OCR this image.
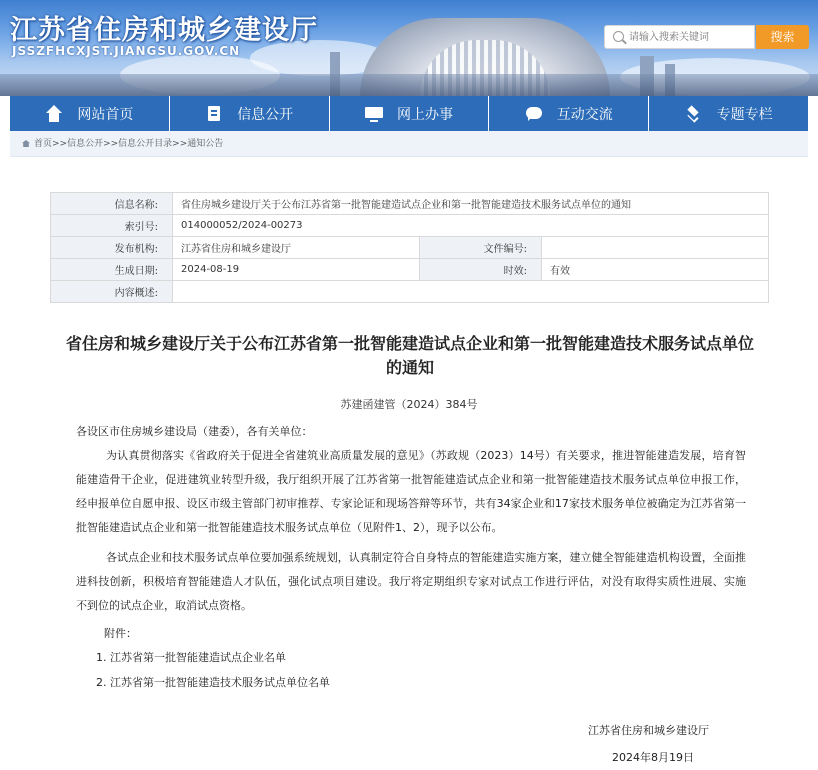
江苏省住房和城乡建设厅
JSSZFHCXJST.JIANGSU.GOV.CN
请输入搜索关键词
搜索
网站首页	信息公开	网上办事	互动交流	专题专栏
首页>>信息公开>>信息公开目录>>通知公告
信息名称:	省住房城乡建设厅关于公布江苏省第一批智能建造试点企业和第一批智能建造技术服务试点单位的通知		
索引号:	014000052/2024-00273		
发布机构:	江苏省住房和城乡建设厅	文件编号:	
生成日期:	2024-08-19	时效:	有效
内容概述:			
省住房和城乡建设厅关于公布江苏省第一批智能建造试点企业和第一批智能建造技术服务试点单位的通知
苏建函建管（2024）384号

各设区市住房城乡建设局（建委），各有关单位：

为认真贯彻落实《省政府关于促进全省建筑业高质量发展的意见》（苏政规（2023）14号）有关要求，推进智能建造发展，培育智能建造骨干企业，促进建筑业转型升级，我厅组织开展了江苏省第一批智能建造试点企业和第一批智能建造技术服务试点单位申报工作，经申报单位自愿申报、设区市级主管部门初审推荐、专家论证和现场答辩等环节，共有34家企业和17家技术服务单位被确定为江苏省第一批智能建造试点企业和第一批智能建造技术服务试点单位（见附件1、2），现予以公布。

各试点企业和技术服务试点单位要加强系统规划，认真制定符合自身特点的智能建造实施方案，建立健全智能建造机构设置，全面推进科技创新，积极培育智能建造人才队伍，强化试点项目建设。我厅将定期组织专家对试点工作进行评估，对没有取得实质性进展、实施不到位的试点企业，取消试点资格。

附件：

1. 江苏省第一批智能建造试点企业名单

2. 江苏省第一批智能建造技术服务试点单位名单

江苏省住房和城乡建设厅
2024年8月19日
